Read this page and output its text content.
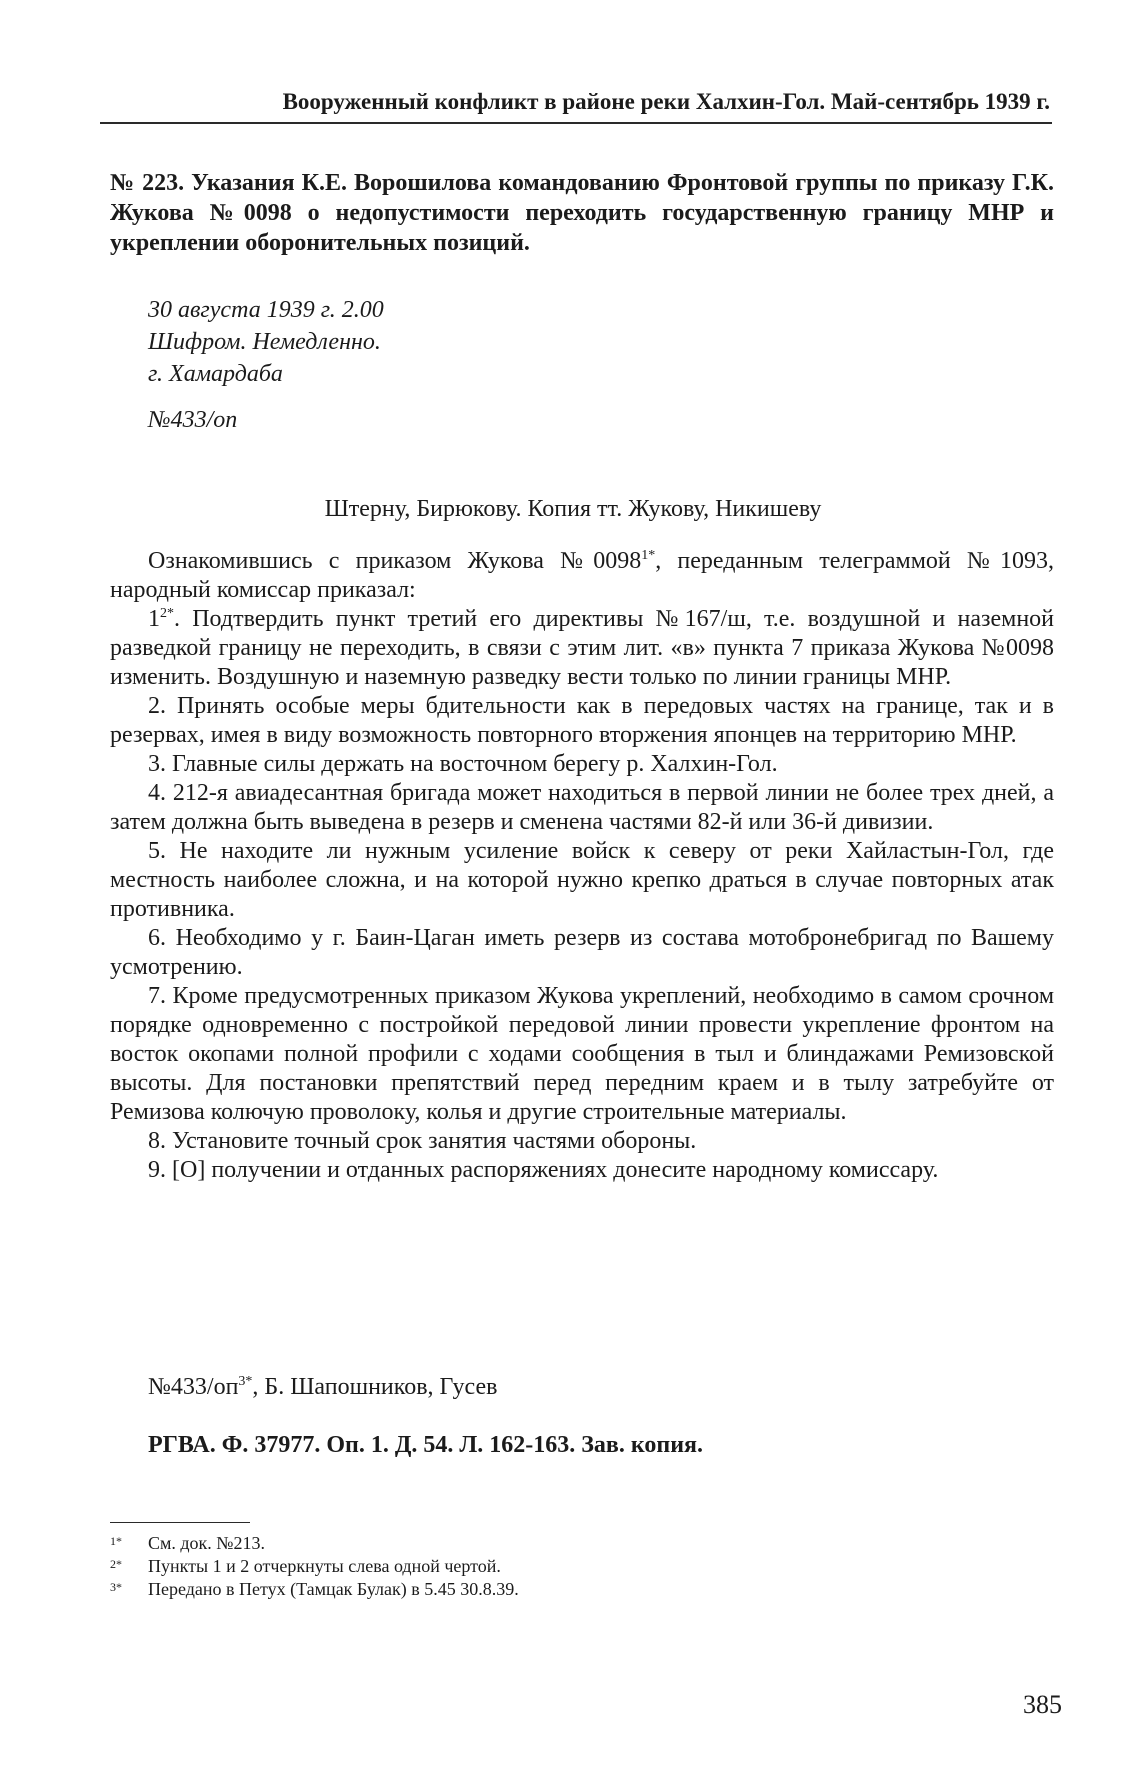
Вооруженный конфликт в районе реки Халхин-Гол. Май-сентябрь 1939 г.
№ 223. Указания К.Е. Ворошилова командованию Фронтовой группы по приказу Г.К. Жукова №0098 о недопустимости переходить государственную границу МНР и укреплении оборонительных позиций.
30 августа 1939 г. 2.00
Шифром. Немедленно.
г. Хамардаба
№433/оп
Штерну, Бирюкову. Копия тт. Жукову, Никишеву

Ознакомившись с приказом Жукова $№0098^{1*}$, переданным телеграммой №1093, народный комиссар приказал:

$1^{2*}$. Подтвердить пункт третий его директивы №167/ш, т.е. воздушной и наземной разведкой границу не переходить, в связи с этим лит. «в» пункта 7 приказа Жукова №0098 изменить. Воздушную и наземную разведку вести только по линии границы МНР.

2. Принять особые меры бдительности как в передовых частях на границе, так и в резервах, имея в виду возможность повторного вторжения японцев на территорию МНР.

3. Главные силы держать на восточном берегу р. Халхин-Гол.

4. 212-я авиадесантная бригада может находиться в первой линии не более трех дней, а затем должна быть выведена в резерв и сменена частями 82-й или 36-й дивизии.

5. Не находите ли нужным усиление войск к северу от реки Хайластын-Гол, где местность наиболее сложна, и на которой нужно крепко драться в случае повторных атак противника.

6. Необходимо у г. Баин-Цаган иметь резерв из состава мотобронебригад по Вашему усмотрению.

7. Кроме предусмотренных приказом Жукова укреплений, необходимо в самом срочном порядке одновременно с постройкой передовой линии провести укрепление фронтом на восток окопами полной профили с ходами сообщения в тыл и блиндажами Ремизовской высоты. Для постановки препятствий перед передним краем и в тылу затребуйте от Ремизова колючую проволоку, колья и другие строительные материалы.

8. Установите точный срок занятия частями обороны.

9. [О] получении и отданных распоряжениях донесите народному комиссару.

$№433/оп^{3*}$, Б. Шапошников, Гусев
РГВА. Ф. 37977. Оп. 1. Д. 54. Л. 162-163. Зав. копия.
1*	См. док. №213.
2*	Пункты 1 и 2 отчеркнуты слева одной чертой.
3*	Передано в Петух (Тамцак Булак) в 5.45 30.8.39.
385
